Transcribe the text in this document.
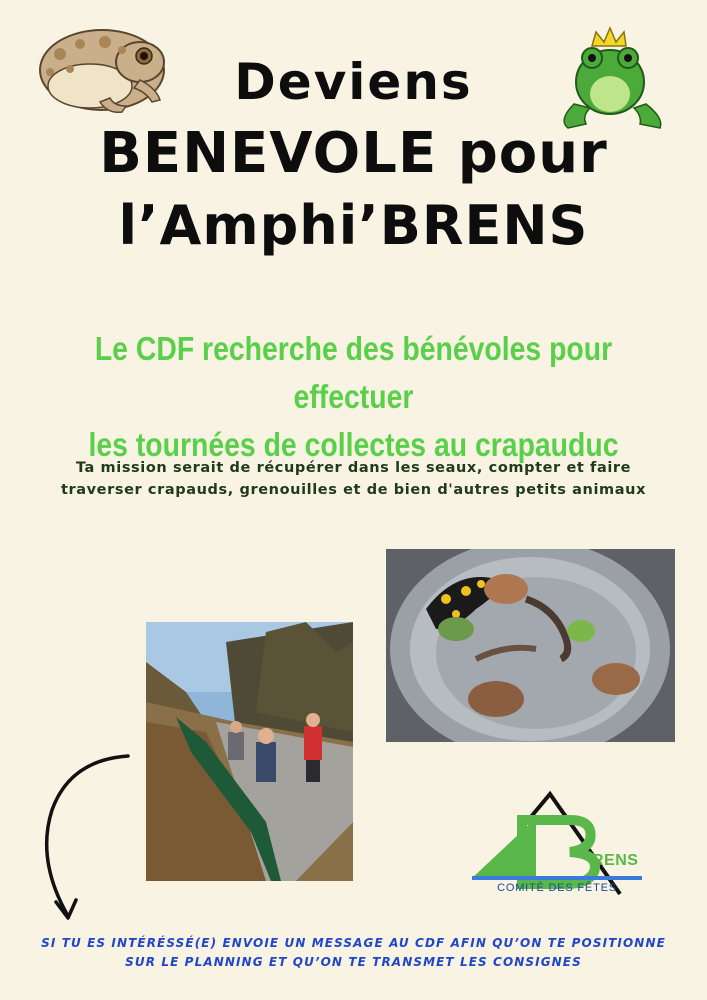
Deviens
BENEVOLE pour
l’Amphi’BRENS
Le CDF recherche des bénévoles pour effectuer
les tournées de collectes au crapauduc
Ta mission serait de récupérer dans les seaux, compter et faire
traverser crapauds, grenouilles et de bien d'autres petits animaux
RENS
COMITÉ DES FÊTES
SI TU ES INTÉRÉSSÉ(E) ENVOIE UN MESSAGE AU CDF AFIN QU’ON TE POSITIONNE
SUR LE PLANNING ET QU’ON TE TRANSMET LES CONSIGNES
